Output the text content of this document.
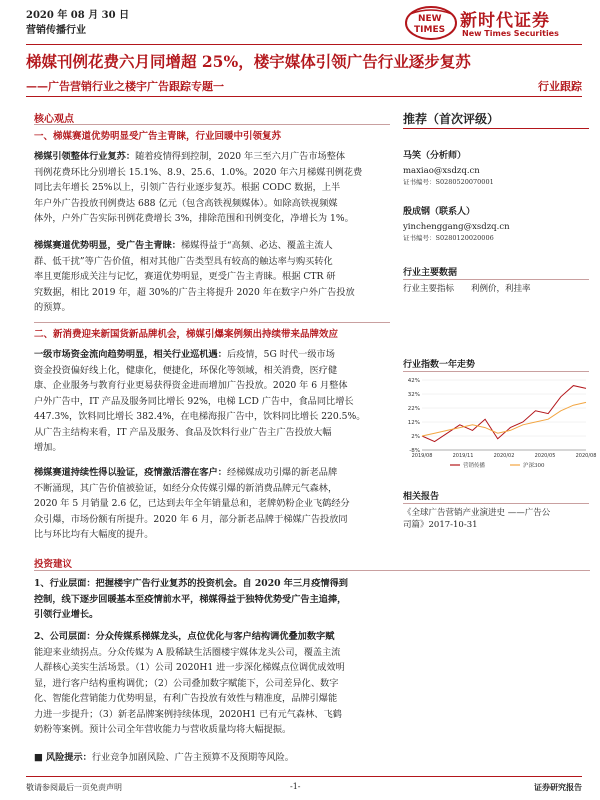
2020 年 08 月 30 日
营销传播行业
NEW
TIMES 新时代证券
New Times Securities
梯媒刊例花费六月同增超 25%，楼宇媒体引领广告行业逐步复苏
——广告营销行业之楼宇广告跟踪专题一	行业跟踪
核心观点
一、梯媒赛道优势明显受广告主青睐，行业回暖中引领复苏
梯媒引领整体行业复苏：随着疫情得到控制，2020 年三至六月广告市场整体
刊例花费环比分别增长 15.1%、8.9、25.6、1.0%。2020 年六月梯媒刊例花费
同比去年增长 25%以上，引领广告行业逐步复苏。根据 CODC 数据，上半
年户外广告投放刊例费达 688 亿元（包含高铁视频媒体）。如除高铁视频媒
体外，户外广告实际刊例花费增长 3%，排除范围和刊例变化，净增长为 1%。
梯媒赛道优势明显，受广告主青睐：梯媒得益于“高频、必达、覆盖主流人
群、低干扰”等广告价值，相对其他广告类型具有较高的触达率与购买转化
率且更能形成关注与记忆，赛道优势明显，更受广告主青睐。根据 CTR 研
究数据，相比 2019 年，超 30%的广告主将提升 2020 年在数字户外广告投放
的预算。
二、新消费迎来新国货新品牌机会，梯媒引爆案例频出持续带来品牌效应
一级市场资金流向趋势明显，相关行业巡机遇：后疫情，5G 时代一级市场
资金投资偏好线上化，健康化，便捷化，环保化等领域，相关消费，医疗健
康、企业服务与教育行业更易获得资金进而增加广告投放。2020 年 6 月整体
户外广告中，IT 产品及服务同比增长 92%，电梯 LCD 广告中，食品同比增长
447.3%，饮料同比增长 382.4%，在电梯海报广告中，饮料同比增长 220.5%。
从广告主结构来看，IT 产品及服务、食品及饮料行业广告主广告投放大幅
增加。
梯媒赛道持续性得以验证，疫情激活潜在客户：经梯媒成功引爆的新老品牌
不断涌现，其广告价值被验证，如经分众传媒引爆的新消费品牌元气森林，
2020 年 5 月销量 2.6 亿，已达到去年全年销量总和，老牌奶粉企业飞鹤经分
众引爆，市场份额有所提升。2020 年 6 月，部分新老品牌于梯媒广告投放同
比与环比均有大幅度的提升。
投资建议
1、行业层面：把握楼宇广告行业复苏的投资机会。自 2020 年三月疫情得到
控制，线下逐步回暖基本至疫情前水平，梯媒得益于独特优势受广告主追捧，
引领行业增长。
2、公司层面：分众传媒系梯媒龙头，点位优化与客户结构调优叠加数字赋
能迎来业绩拐点。分众传媒为 A 股稀缺生活圈楼宇媒体龙头公司，覆盖主流
人群核心美实生活场景。（1）公司 2020H1 进一步深化梯媒点位调优成效明
显，进行客户结构重构调优；（2）公司叠加数字赋能下，公司差异化、数字
化、智能化营销能力优势明显，有利广告投放有效性与精准度，品牌引爆能
力进一步提升；（3）新老品牌案例持续体现，2020H1 已有元气森林、飞鹤
奶粉等案例。预计公司全年营收能力与营收质量均将大幅提振。
■ 风险提示：行业竞争加剧风险、广告主预算不及预期等风险。
推荐（首次评级）
马笑（分析师）
maxiao@xsdzq.cn
证书编号：S0280520070001
殷成钢（联系人）
yinchenggang@xsdzq.cn
证书编号：S0280120020006
行业主要数据
行业主要指标　　利例价，利挂率
行业指数一年走势
42%
32%
22%
12%
2%
-8%
2019/08	2019/11	2020/02	2020/05	2020/08
营销传播	沪深300
相关报告
《全球广告营销产业演进史 ——广告公
司篇》2017-10-31
敬请参阅最后一页免责声明	-1-	证券研究报告
